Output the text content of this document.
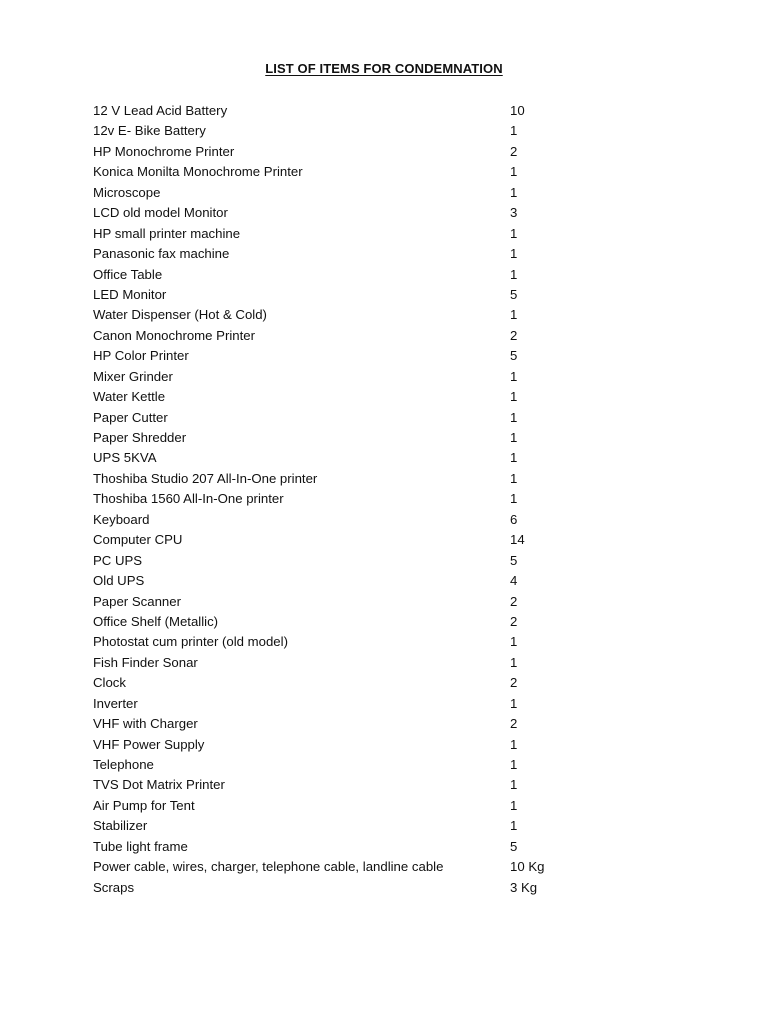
LIST OF ITEMS FOR CONDEMNATION
12 V Lead Acid Battery	10
12v E- Bike Battery	1
HP Monochrome Printer	2
Konica Monilta Monochrome Printer	1
Microscope	1
LCD old model Monitor	3
HP small printer machine	1
Panasonic fax machine	1
Office Table	1
LED Monitor	5
Water Dispenser (Hot & Cold)	1
Canon Monochrome Printer	2
HP Color Printer	5
Mixer Grinder	1
Water Kettle	1
Paper Cutter	1
Paper Shredder	1
UPS 5KVA	1
Thoshiba Studio 207 All-In-One printer	1
Thoshiba 1560 All-In-One printer	1
Keyboard	6
Computer CPU	14
PC UPS	5
Old UPS	4
Paper Scanner	2
Office Shelf (Metallic)	2
Photostat cum printer (old model)	1
Fish Finder Sonar	1
Clock	2
Inverter	1
VHF with Charger	2
VHF Power Supply	1
Telephone	1
TVS Dot Matrix Printer	1
Air Pump for Tent	1
Stabilizer	1
Tube light frame	5
Power cable, wires, charger, telephone cable, landline cable	10 Kg
Scraps	3 Kg
